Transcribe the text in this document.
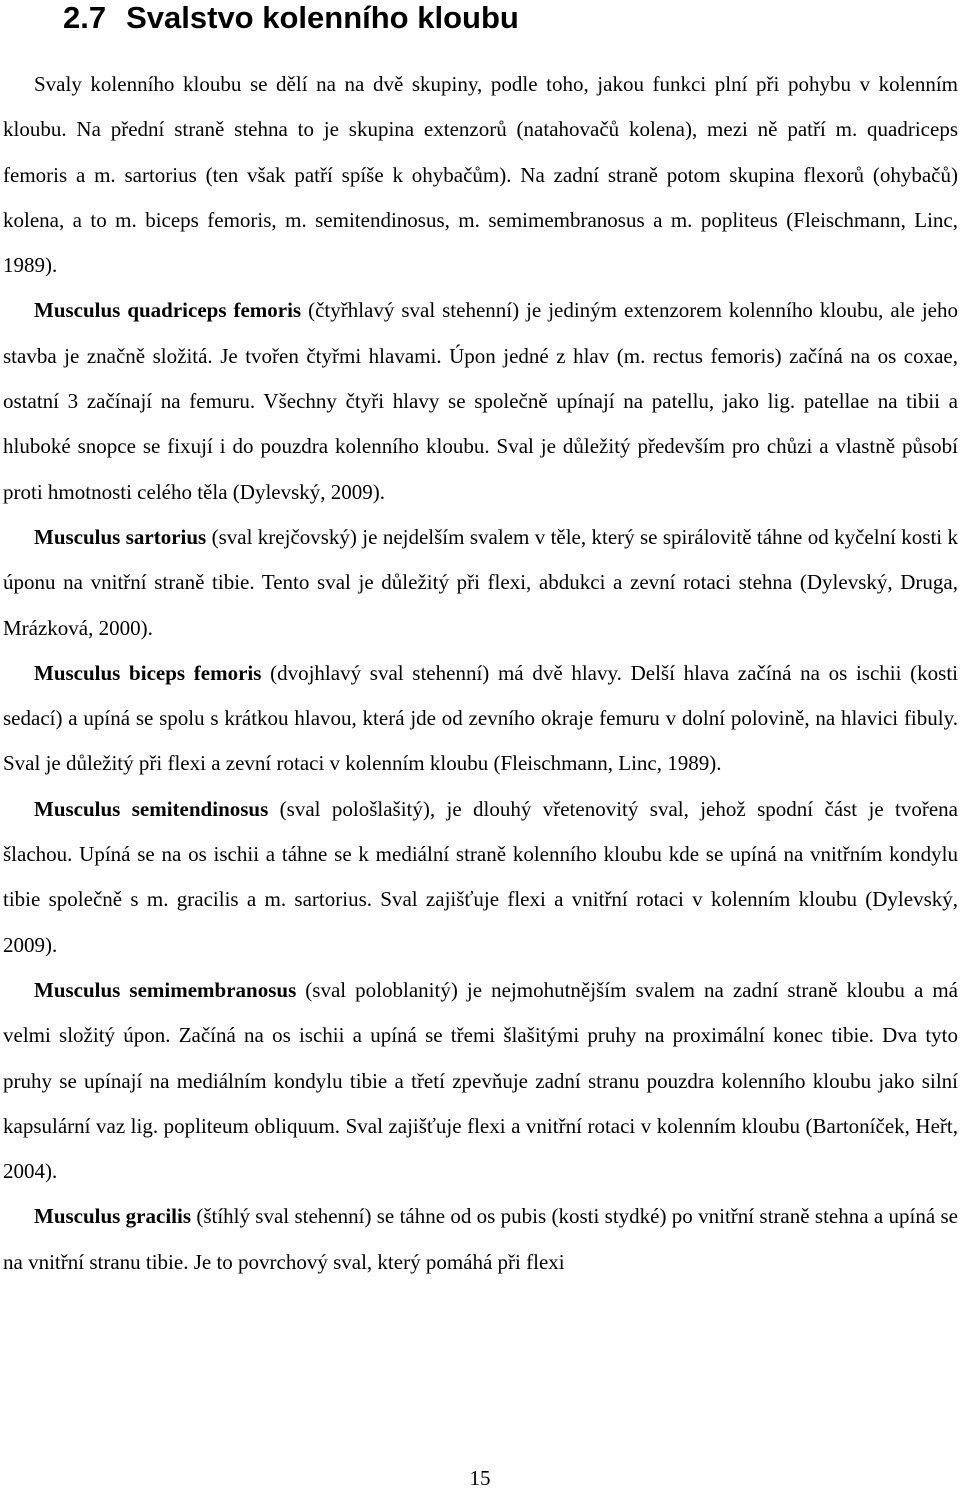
2.7 Svalstvo kolenního kloubu

Svaly kolenního kloubu se dělí na na dvě skupiny, podle toho, jakou funkci plní při pohybu v kolenním kloubu. Na přední straně stehna to je skupina extenzorů (natahovačů kolena), mezi ně patří m. quadriceps femoris a m. sartorius (ten však patří spíše k ohybačům). Na zadní straně potom skupina flexorů (ohybačů) kolena, a to m. biceps femoris, m. semitendinosus, m. semimembranosus a m. popliteus (Fleischmann, Linc, 1989).

Musculus quadriceps femoris (čtyřhlavý sval stehenní) je jediným extenzorem kolenního kloubu, ale jeho stavba je značně složitá. Je tvořen čtyřmi hlavami. Úpon jedné z hlav (m. rectus femoris) začíná na os coxae, ostatní 3 začínají na femuru. Všechny čtyři hlavy se společně upínají na patellu, jako lig. patellae na tibii a hluboké snopce se fixují i do pouzdra kolenního kloubu. Sval je důležitý především pro chůzi a vlastně působí proti hmotnosti celého těla (Dylevský, 2009).

Musculus sartorius (sval krejčovský) je nejdelším svalem v těle, který se spirálovitě táhne od kyčelní kosti k úponu na vnitřní straně tibie. Tento sval je důležitý při flexi, abdukci a zevní rotaci stehna (Dylevský, Druga, Mrázková, 2000).

Musculus biceps femoris (dvojhlavý sval stehenní) má dvě hlavy. Delší hlava začíná na os ischii (kosti sedací) a upíná se spolu s krátkou hlavou, která jde od zevního okraje femuru v dolní polovině, na hlavici fibuly. Sval je důležitý při flexi a zevní rotaci v kolenním kloubu (Fleischmann, Linc, 1989).

Musculus semitendinosus (sval pološlašitý), je dlouhý vřetenovitý sval, jehož spodní část je tvořena šlachou. Upíná se na os ischii a táhne se k mediální straně kolenního kloubu kde se upíná na vnitřním kondylu tibie společně s m. gracilis a m. sartorius. Sval zajišťuje flexi a vnitřní rotaci v kolenním kloubu (Dylevský, 2009).

Musculus semimembranosus (sval poloblanitý) je nejmohutnějším svalem na zadní straně kloubu a má velmi složitý úpon. Začíná na os ischii a upíná se třemi šlašitými pruhy na proximální konec tibie. Dva tyto pruhy se upínají na mediálním kondylu tibie a třetí zpevňuje zadní stranu pouzdra kolenního kloubu jako silní kapsulární vaz lig. popliteum obliquum. Sval zajišťuje flexi a vnitřní rotaci v kolenním kloubu (Bartoníček, Heřt, 2004).

Musculus gracilis (štíhlý sval stehenní) se táhne od os pubis (kosti stydké) po vnitřní straně stehna a upíná se na vnitřní stranu tibie. Je to povrchový sval, který pomáhá při flexi

15
